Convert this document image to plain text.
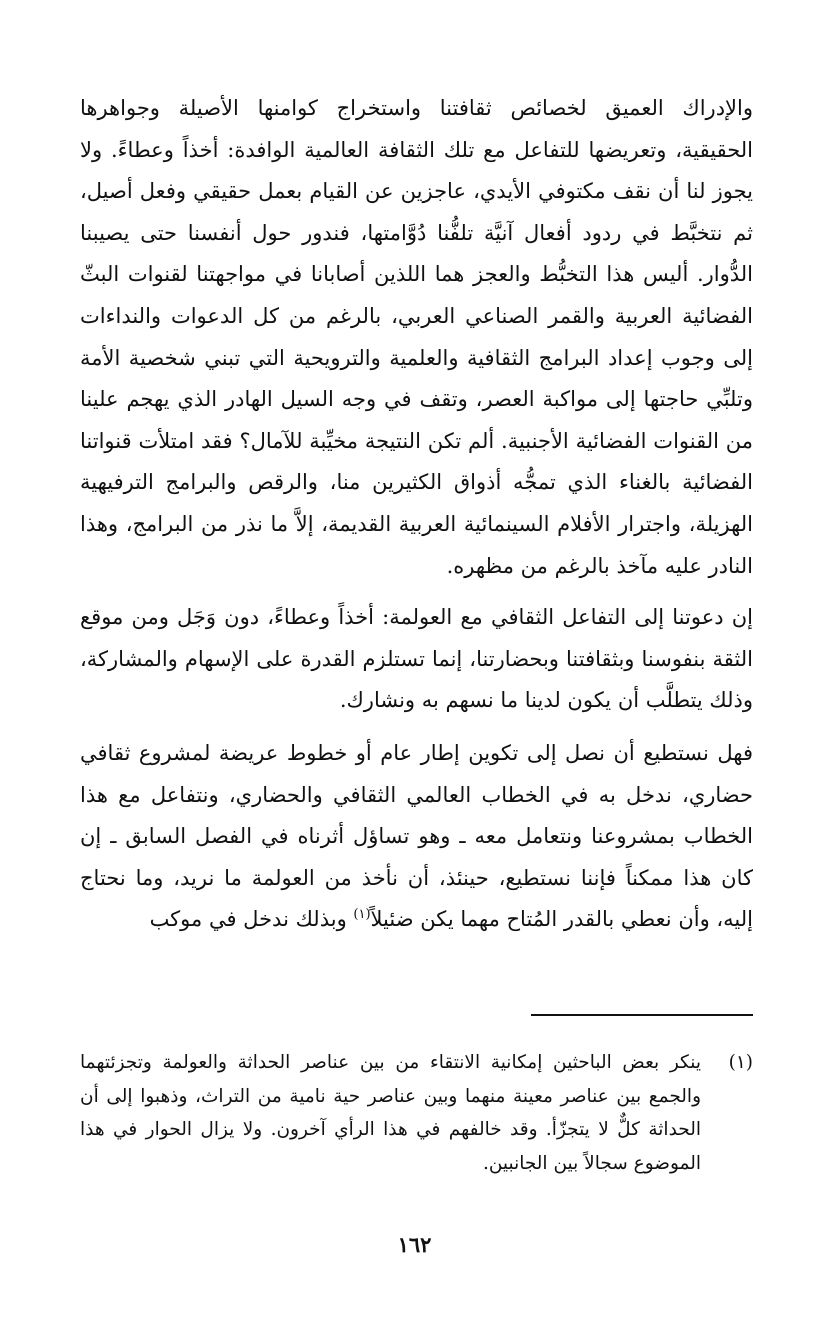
والإدراك العميق لخصائص ثقافتنا واستخراج كوامنها الأصيلة وجواهرها الحقيقية، وتعريضها للتفاعل مع تلك الثقافة العالمية الوافدة: أخذاً وعطاءً. ولا يجوز لنا أن نقف مكتوفي الأيدي، عاجزين عن القيام بعمل حقيقي وفعل أصيل، ثم نتخبَّط في ردود أفعال آنيَّة تلفُّنا دُوَّامتها، فندور حول أنفسنا حتى يصيبنا الدُّوار. أليس هذا التخبُّط والعجز هما اللذين أصابانا في مواجهتنا لقنوات البثّ الفضائية العربية والقمر الصناعي العربي، بالرغم من كل الدعوات والنداءات إلى وجوب إعداد البرامج الثقافية والعلمية والترويحية التي تبني شخصية الأمة وتلبِّي حاجتها إلى مواكبة العصر، وتقف في وجه السيل الهادر الذي يهجم علينا من القنوات الفضائية الأجنبية. ألم تكن النتيجة مخيِّبة للآمال؟ فقد امتلأت قنواتنا الفضائية بالغناء الذي تمجُّه أذواق الكثيرين منا، والرقص والبرامج الترفيهية الهزيلة، واجترار الأفلام السينمائية العربية القديمة، إلاَّ ما نذر من البرامج، وهذا النادر عليه مآخذ بالرغم من مظهره.

إن دعوتنا إلى التفاعل الثقافي مع العولمة: أخذاً وعطاءً، دون وَجَل ومن موقع الثقة بنفوسنا وبثقافتنا وبحضارتنا، إنما تستلزم القدرة على الإسهام والمشاركة، وذلك يتطلَّب أن يكون لدينا ما نسهم به ونشارك.

فهل نستطيع أن نصل إلى تكوين إطار عام أو خطوط عريضة لمشروع ثقافي حضاري، ندخل به في الخطاب العالمي الثقافي والحضاري، ونتفاعل مع هذا الخطاب بمشروعنا ونتعامل معه ـ وهو تساؤل أثرناه في الفصل السابق ـ إن كان هذا ممكناً فإننا نستطيع، حينئذ، أن نأخذ من العولمة ما نريد، وما نحتاج إليه، وأن نعطي بالقدر المُتاح مهما يكن ضئيلاً$^{(١)}$ وبذلك ندخل في موكب

(١)
ينكر بعض الباحثين إمكانية الانتقاء من بين عناصر الحداثة والعولمة وتجزئتهما والجمع بين عناصر معينة منهما وبين عناصر حية نامية من التراث، وذهبوا إلى أن الحداثة كلٌّ لا يتجزّأ. وقد خالفهم في هذا الرأي آخرون. ولا يزال الحوار في هذا الموضوع سجالاً بين الجانبين.
١٦٢
